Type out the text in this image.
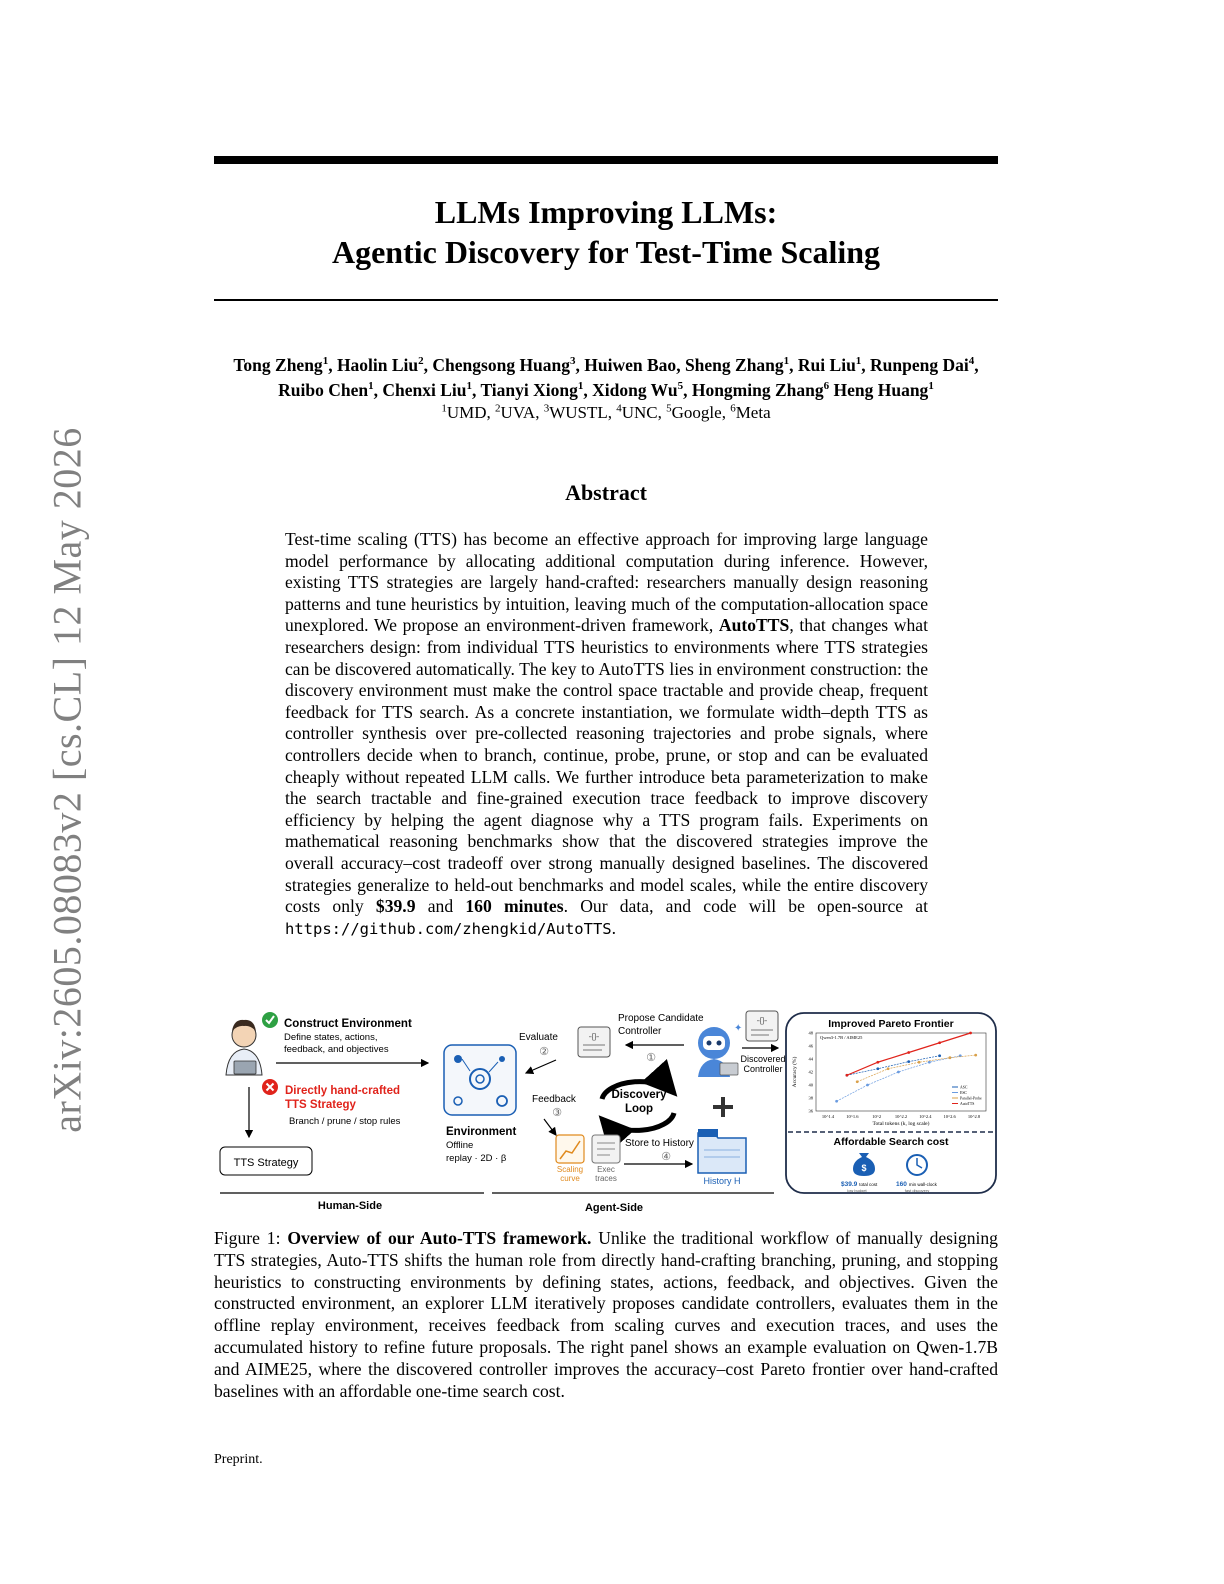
arXiv:2605.08083v2 [cs.CL] 12 May 2026
LLMs Improving LLMs:
Agentic Discovery for Test-Time Scaling
Tong Zheng$^1$, Haolin Liu$^2$, Chengsong Huang$^3$, Huiwen Bao, Sheng Zhang$^1$, Rui Liu$^1$, Runpeng Dai$^4$,
Ruibo Chen$^1$, Chenxi Liu$^1$, Tianyi Xiong$^1$, Xidong Wu$^5$, Hongming Zhang$^6$ Heng Huang$^1$
$^1$UMD, $^2$UVA, $^3$WUSTL, $^4$UNC, $^5$Google, $^6$Meta
Abstract
Test-time scaling (TTS) has become an effective approach for improving large language model performance by allocating additional computation during inference. However, existing TTS strategies are largely hand-crafted: researchers manually design reasoning patterns and tune heuristics by intuition, leaving much of the computation-allocation space unexplored. We propose an environment-driven framework, AutoTTS, that changes what researchers design: from individual TTS heuristics to environments where TTS strategies can be discovered automatically. The key to AutoTTS lies in environment construction: the discovery environment must make the control space tractable and provide cheap, frequent feedback for TTS search. As a concrete instantiation, we formulate width–depth TTS as controller synthesis over pre-collected reasoning trajectories and probe signals, where controllers decide when to branch, continue, probe, prune, or stop and can be evaluated cheaply without repeated LLM calls. We further introduce beta parameterization to make the search tractable and fine-grained execution trace feedback to improve discovery efficiency by helping the agent diagnose why a TTS program fails. Experiments on mathematical reasoning benchmarks show that the discovered strategies improve the overall accuracy–cost tradeoff over strong manually designed baselines. The discovered strategies generalize to held-out benchmarks and model scales, while the entire discovery costs only $39.9 and 160 minutes. Our data, and code will be open-source at https://github.com/zhengkid/AutoTTS.
Construct Environment
Define states, actions,
feedback, and objectives
Directly hand-crafted
TTS Strategy
Branch / prune / stop rules
TTS Strategy
Human-Side	Agent-Side
Environment
Offline
replay · 2D · β
Evaluate
②
Feedback
③
-{}-
Propose Candidate
Controller
①
✦
Discovery
Loop
Scaling
curve
Exec
traces
Store to History
④
History H
-{}-
Discovered
Controller
Improved Pareto Frontier
Qwen3-1.7B / AIME25
36
38
40
42
44
46
48
10^1.4	10^1.6	10^2	10^2.2	10^2.4	10^2.6	10^2.8
ASC
ESC
Parallel-Probe
AutoTTS
Total tokens (k, log scale)
Accuracy (%)
Affordable Search cost
$
$39.9 total cost
low budget
160 min wall-clock
fast discovery
Figure 1: Overview of our Auto-TTS framework. Unlike the traditional workflow of manually designing TTS strategies, Auto-TTS shifts the human role from directly hand-crafting branching, pruning, and stopping heuristics to constructing environments by defining states, actions, feedback, and objectives. Given the constructed environment, an explorer LLM iteratively proposes candidate controllers, evaluates them in the offline replay environment, receives feedback from scaling curves and execution traces, and uses the accumulated history to refine future proposals. The right panel shows an example evaluation on Qwen-1.7B and AIME25, where the discovered controller improves the accuracy–cost Pareto frontier over hand-crafted baselines with an affordable one-time search cost.
Preprint.
